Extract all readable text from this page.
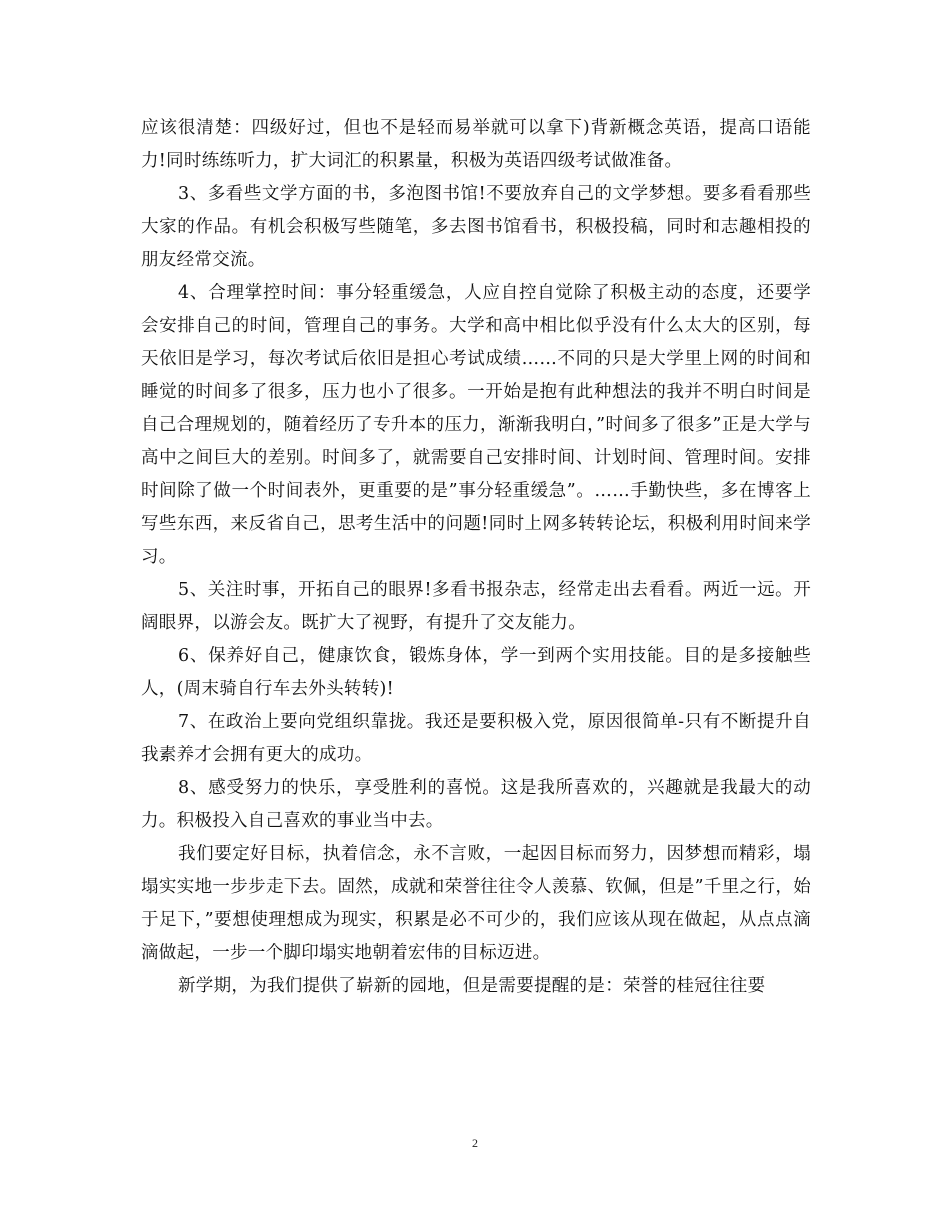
应该很清楚：四级好过，但也不是轻而易举就可以拿下)背新概念英语，提高口语能力!同时练练听力，扩大词汇的积累量，积极为英语四级考试做准备。

3、多看些文学方面的书，多泡图书馆!不要放弃自己的文学梦想。要多看看那些大家的作品。有机会积极写些随笔，多去图书馆看书，积极投稿，同时和志趣相投的朋友经常交流。

4、合理掌控时间：事分轻重缓急，人应自控自觉除了积极主动的态度，还要学会安排自己的时间，管理自己的事务。大学和高中相比似乎没有什么太大的区别，每天依旧是学习，每次考试后依旧是担心考试成绩……不同的只是大学里上网的时间和睡觉的时间多了很多，压力也小了很多。一开始是抱有此种想法的我并不明白时间是自己合理规划的，随着经历了专升本的压力，渐渐我明白，”时间多了很多”正是大学与高中之间巨大的差别。时间多了，就需要自己安排时间、计划时间、管理时间。安排时间除了做一个时间表外，更重要的是”事分轻重缓急”。……手勤快些，多在博客上写些东西，来反省自己，思考生活中的问题!同时上网多转转论坛，积极利用时间来学习。

5、关注时事，开拓自己的眼界!多看书报杂志，经常走出去看看。两近一远。开阔眼界，以游会友。既扩大了视野，有提升了交友能力。

6、保养好自己，健康饮食，锻炼身体，学一到两个实用技能。目的是多接触些人，(周末骑自行车去外头转转)!

7、在政治上要向党组织靠拢。我还是要积极入党，原因很简单-只有不断提升自我素养才会拥有更大的成功。

8、感受努力的快乐，享受胜利的喜悦。这是我所喜欢的，兴趣就是我最大的动力。积极投入自己喜欢的事业当中去。

我们要定好目标，执着信念，永不言败，一起因目标而努力，因梦想而精彩，塌塌实实地一步步走下去。固然，成就和荣誉往往令人羡慕、钦佩，但是”千里之行，始于足下，”要想使理想成为现实，积累是必不可少的，我们应该从现在做起，从点点滴滴做起，一步一个脚印塌实地朝着宏伟的目标迈进。

新学期，为我们提供了崭新的园地，但是需要提醒的是：荣誉的桂冠往往要

2
